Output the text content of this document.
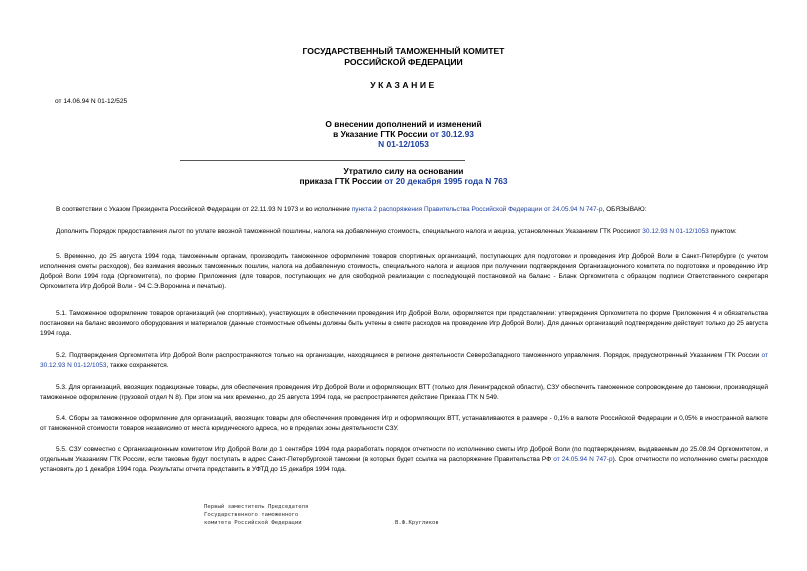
ГОСУДАРСТВЕННЫЙ ТАМОЖЕННЫЙ КОМИТЕТ
РОССИЙСКОЙ ФЕДЕРАЦИИ
УКАЗАНИЕ
от 14.06.94 N 01-12/525
О внесении дополнений и изменений
в Указание ГТК России от 30.12.93
N 01-12/1053
Утратило силу на основании
приказа ГТК России от 20 декабря 1995 года N 763
В соответствии с Указом Президента Российской Федерации от 22.11.93 N 1973 и во исполнение пункта 2 распоряжения Правительства Российской Федерации от 24.05.94 N 747-р, ОБЯЗЫВАЮ:
Дополнить Порядок предоставления льгот по уплате ввозной таможенной пошлины, налога на добавленную стоимость, специального налога и акциза, установленных Указанием ГТК Россииот 30.12.93 N 01-12/1053 пунктом:
5. Временно, до 25 августа 1994 года, таможенным органам, производить таможенное оформление товаров спортивных организаций, поступающих для подготовки и проведения Игр Доброй Воли в Санкт-Петербурге (с учетом исполнения сметы расходов), без взимания ввозных таможенных пошлин, налога на добавленную стоимость, специального налога и акцизов при получении подтверждения Организационного комитета по подготовке и проведению Игр Доброй Воли 1994 года (Оргкомитета), по форме Приложения (для товаров, поступающих не для свободной реализации с последующей постановкой на баланс - Бланк Оргкомитета с образцом подписи Ответственного секретаря Оргкомитета Игр Доброй Воли - 94 С.Э.Воронина и печатью).
5.1. Таможенное оформление товаров организаций (не спортивных), участвующих в обеспечении проведения Игр Доброй Воли, оформляется при представлении: утверждения Оргкомитета по форме Приложения 4 и обязательства постановки на баланс ввозимого оборудования и материалов (данные стоимостные объемы должны быть учтены в смете расходов на проведение Игр Доброй Воли). Для данных организаций подтверждение действует только до 25 августа 1994 года.
5.2. Подтверждения Оргкомитета Игр Доброй Воли распространяются только на организации, находящиеся в регионе деятельности СевероЗападного таможенного управления. Порядок, предусмотренный Указанием ГТК России от 30.12.93 N 01-12/1053, также сохраняется.
5.3. Для организаций, ввозящих подакцизные товары, для обеспечения проведения Игр Доброй Воли и оформляющих ВТТ (только для Ленинградской области), СЗУ обеспечить таможенное сопровождение до таможни, производящей таможенное оформление (грузовой отдел N 8). При этом на них временно, до 25 августа 1994 года, не распространяется действие Приказа ГТК N 549.
5.4. Сборы за таможенное оформление для организаций, ввозящих товары для обеспечения проведения Игр и оформляющих ВТТ, устанавливаются в размере - 0,1% в валюте Российской Федерации и 0,05% в иностранной валюте от таможенной стоимости товаров независимо от места юридического адреса, но в пределах зоны деятельности СЗУ.
5.5. СЗУ совместно с Организационным комитетом Игр Доброй Воли до 1 сентября 1994 года разработать порядок отчетности по исполнению сметы Игр Доброй Воли (по подтверждениям, выдаваемым до 25.08.94 Оргкомитетом, и отдельным Указаниям ГТК России, если таковые будут поступать в адрес Санкт-Петербургской таможни (в которых будет ссылка на распоряжение Правительства РФ от 24.05.94 N 747-р). Срок отчетности по исполнению сметы расходов установить до 1 декабря 1994 года. Результаты отчета представить в УФТД до 15 декабря 1994 года.
Первый заместитель Председателя
Государственного таможенного
комитета Российской Федерации	В.Ф.Кругликов
